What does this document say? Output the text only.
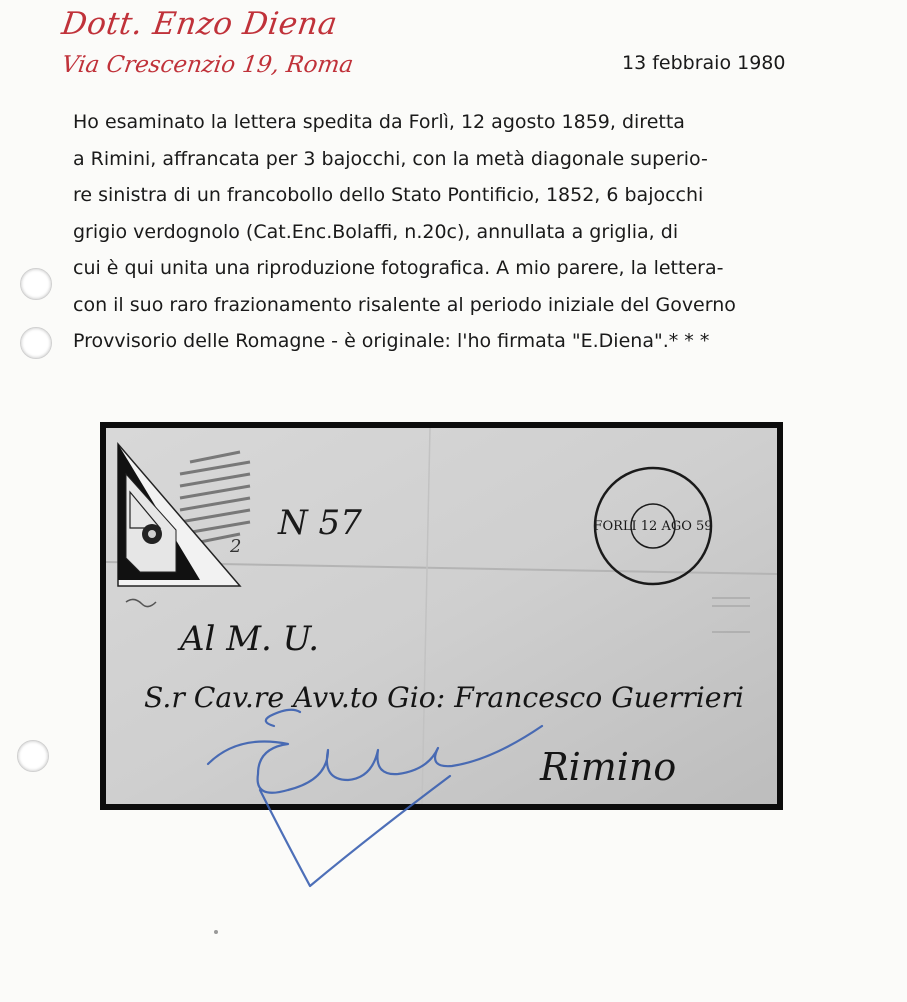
Dott. Enzo Diena
Via Crescenzio 19, Roma	13 febbraio 1980
Ho esaminato la lettera spedita da Forlì, 12 agosto 1859, diretta
a Rimini, affrancata per 3 bajocchi, con la metà diagonale superio-
re sinistra di un francobollo dello Stato Pontificio, 1852, 6 bajocchi
grigio verdognolo (Cat.Enc.Bolaffi, n.20c), annullata a griglia, di
cui è qui unita una riproduzione fotografica. A mio parere, la lettera-
con il suo raro frazionamento risalente al periodo iniziale del Governo
Provvisorio delle Romagne - è originale: l'ho firmata "E.Diena".* * *
N 57
2
FORLI 12 AGO 59
Al M. U.
S.r Cav.re Avv.to Gio: Francesco Guerrieri
Rimino
